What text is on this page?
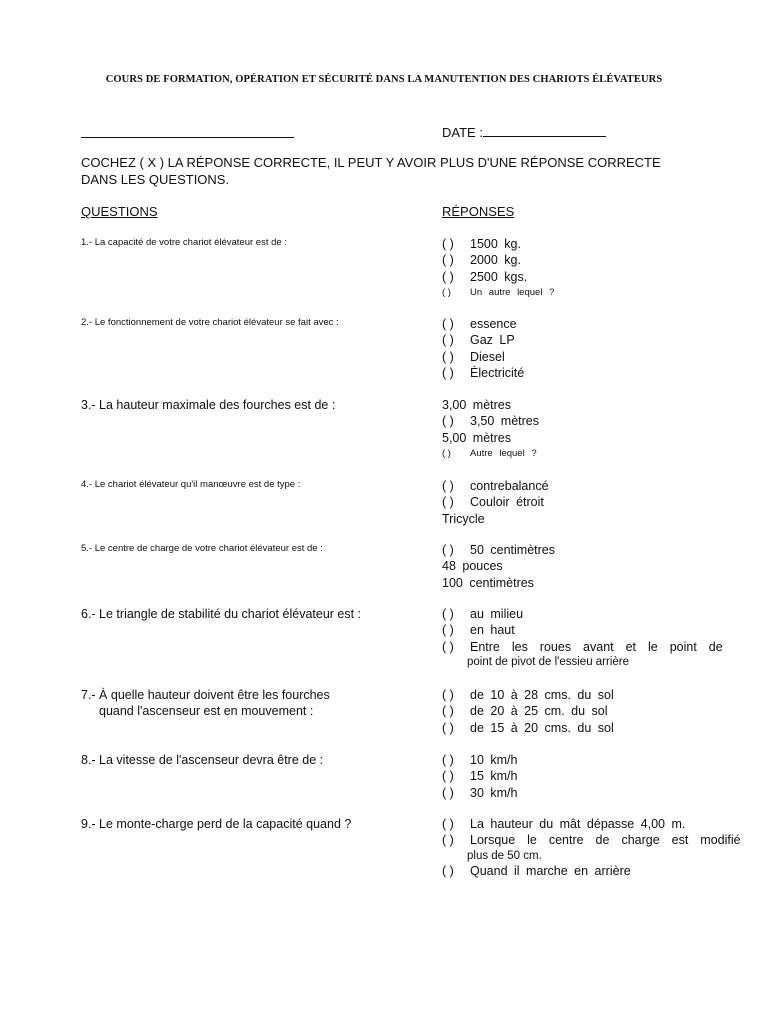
COURS DE FORMATION, OPÉRATION ET SÉCURITÉ DANS LA MANUTENTION DES CHARIOTS ÉLÉVATEURS
DATE :
COCHEZ ( X ) LA RÉPONSE CORRECTE, IL PEUT Y AVOIR PLUS D'UNE RÉPONSE CORRECTE
DANS LES QUESTIONS.
QUESTIONS	RÉPONSES
1.- La capacité de votre chariot élévateur est de :	( ) 1500 kg.
( ) 2000 kg.
( ) 2500 kgs.
( ) Un autre lequel ?
2.- Le fonctionnement de votre chariot élévateur se fait avec :	( ) essence
( ) Gaz LP
( ) Diesel
( ) Électricité
3.- La hauteur maximale des fourches est de :	3,00 mètres
( ) 3,50 mètres
5,00 mètres
( ) Autre lequel ?
4.- Le chariot élévateur qu'il manœuvre est de type :	( ) contrebalancé
( ) Couloir étroit
Tricycle
5.- Le centre de charge de votre chariot élévateur est de :	( ) 50 centimètres
48 pouces
100 centimètres
6.- Le triangle de stabilité du chariot élévateur est :	( ) au milieu
( ) en haut
( ) Entre les roues avant et le point de
point de pivot de l'essieu arrière
7.- À quelle hauteur doivent être les fourches
quand l'ascenseur est en mouvement :
( ) de 10 à 28 cms. du sol
( ) de 20 à 25 cm. du sol
( ) de 15 à 20 cms. du sol
8.- La vitesse de l'ascenseur devra être de :	( ) 10 km/h
( ) 15 km/h
( ) 30 km/h
9.- Le monte-charge perd de la capacité quand ?	( ) La hauteur du mât dépasse 4,00 m.
( ) Lorsque le centre de charge est modifié
plus de 50 cm.
( ) Quand il marche en arrière
